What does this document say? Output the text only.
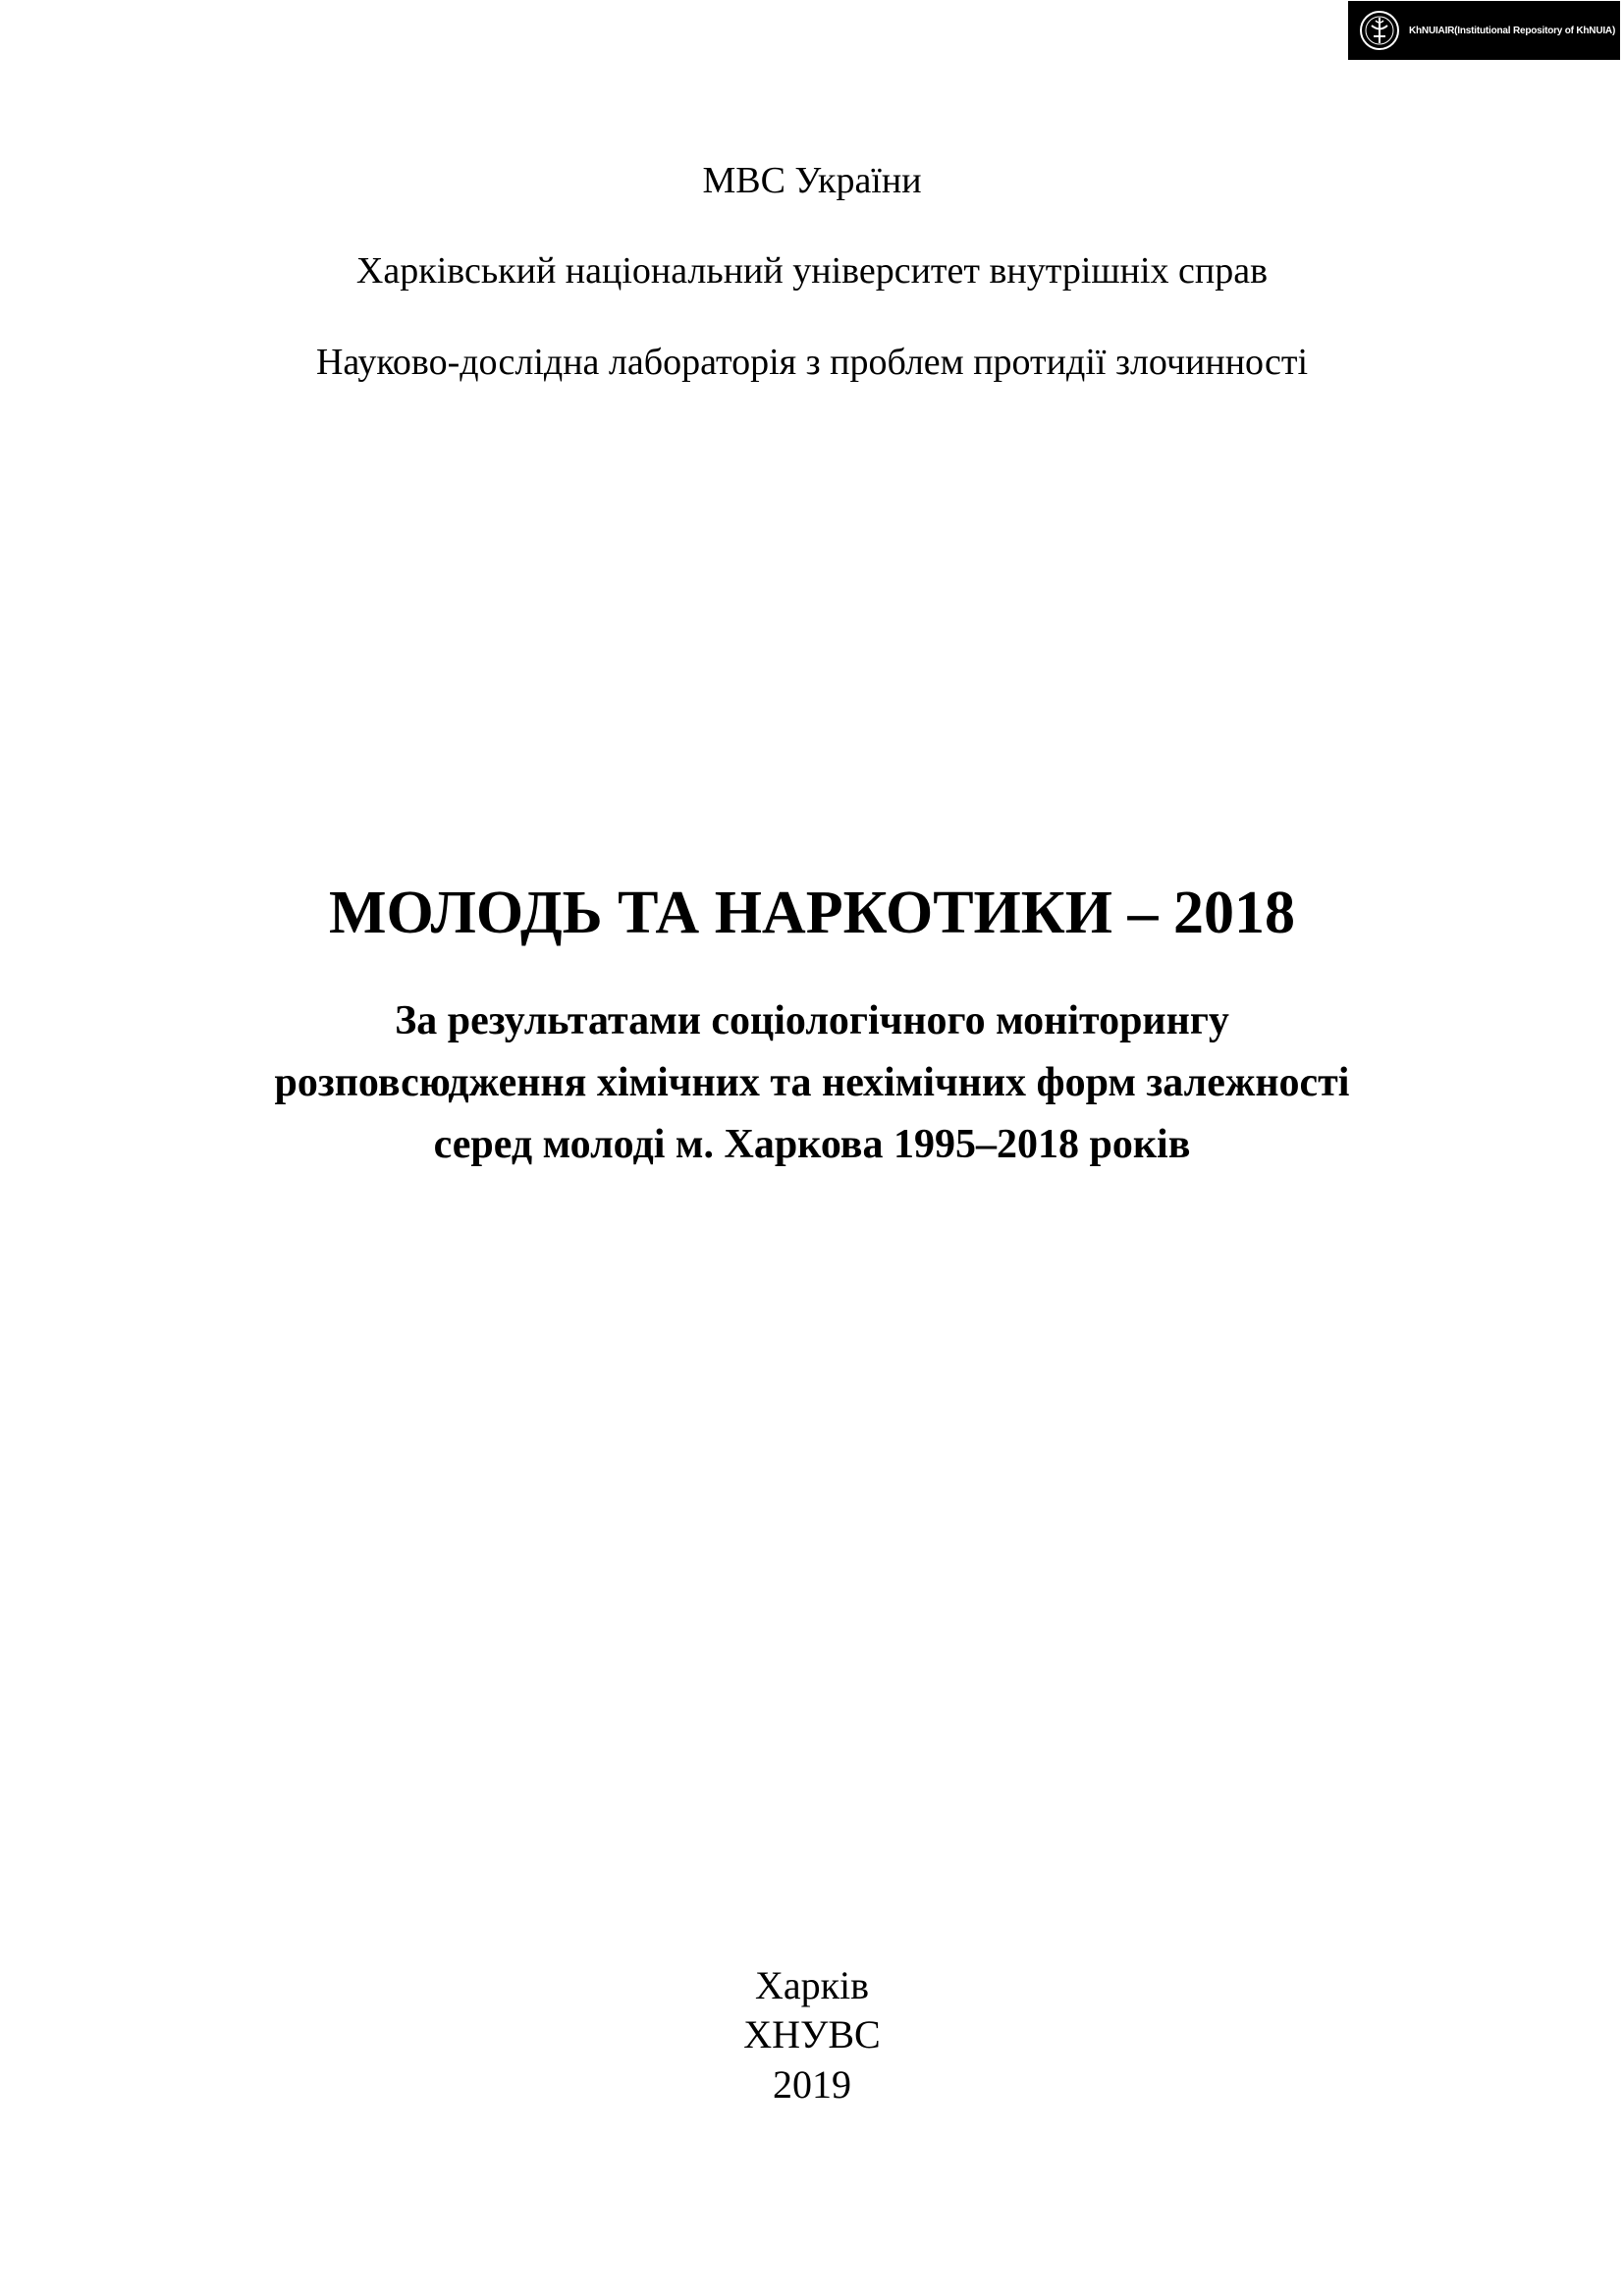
KhNUIAIR(Institutional Repository of KhNUIA)
МВС України
Харківський національний університет внутрішніх справ
Науково-дослідна лабораторія з проблем протидії злочинності
МОЛОДЬ ТА НАРКОТИКИ – 2018
За результатами соціологічного моніторингу
розповсюдження хімічних та нехімічних форм залежності
серед молоді м. Харкова 1995–2018 років
Харків
ХНУВС
2019
